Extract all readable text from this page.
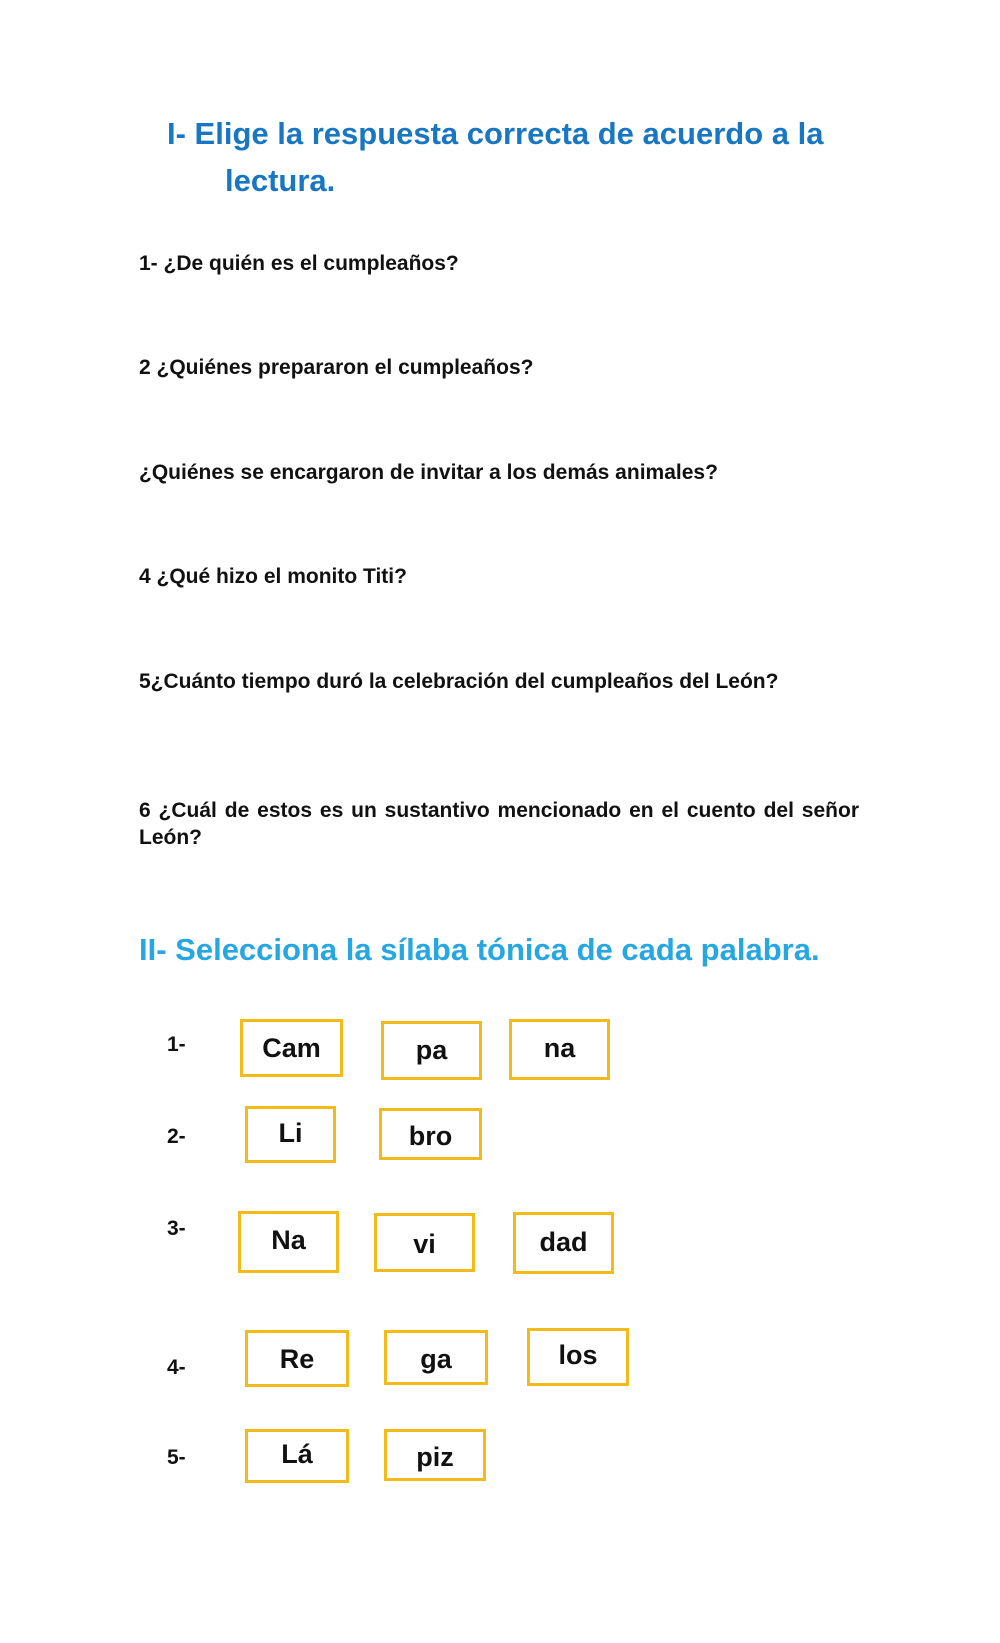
I- Elige la respuesta correcta de acuerdo a la
lectura.
1- ¿De quién es el cumpleaños?
2 ¿Quiénes prepararon el cumpleaños?
¿Quiénes se encargaron de invitar a los demás animales?
4 ¿Qué hizo el monito Titi?
5¿Cuánto tiempo duró la celebración del cumpleaños del León?
6 ¿Cuál de estos es un sustantivo mencionado en el cuento del señor León?
II- Selecciona la sílaba tónica de cada palabra.
1-	Cam	pa	na
2-	Li	bro
3-	Na	vi	dad
4-	Re	ga	los
5-	Lá	piz
